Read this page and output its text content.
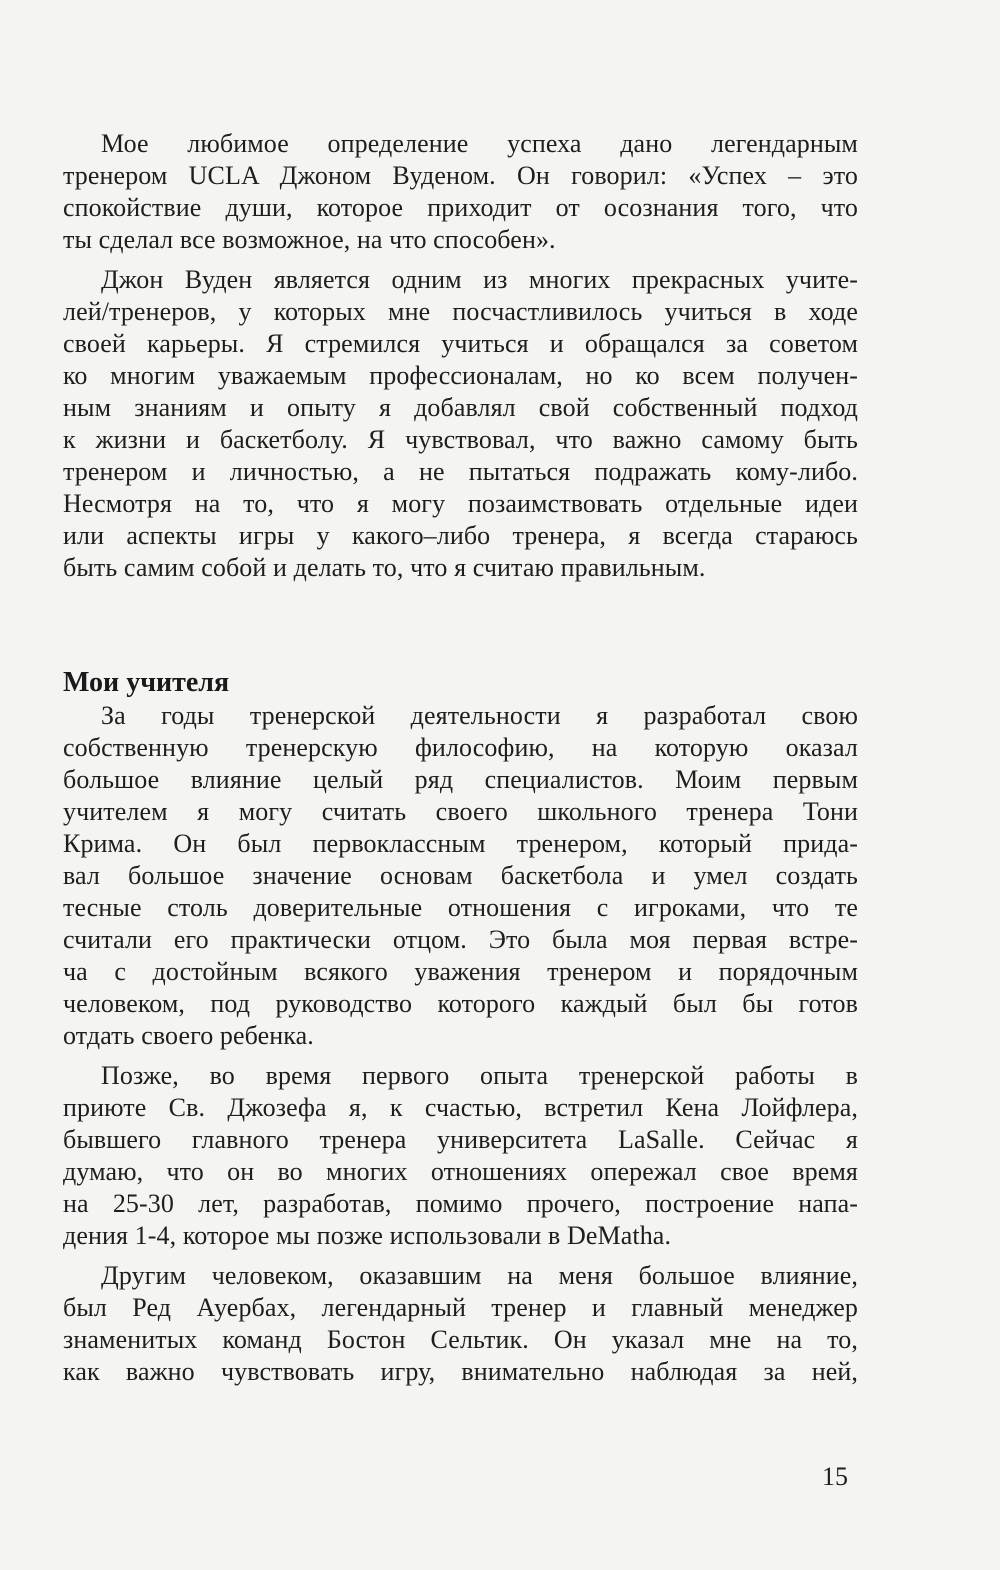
Мое любимое определение успеха дано легендарным
тренером UCLA Джоном Вуденом. Он говорил: «Успех – это
спокойствие души, которое приходит от осознания того, что
ты сделал все возможное, на что способен».
Джон Вуден является одним из многих прекрасных учите-
лей/тренеров, у которых мне посчастливилось учиться в ходе
своей карьеры. Я стремился учиться и обращался за советом
ко многим уважаемым профессионалам, но ко всем получен-
ным знаниям и опыту я добавлял свой собственный подход
к жизни и баскетболу. Я чувствовал, что важно самому быть
тренером и личностью, а не пытаться подражать кому-либо.
Несмотря на то, что я могу позаимствовать отдельные идеи
или аспекты игры у какого–либо тренера, я всегда стараюсь
быть самим собой и делать то, что я считаю правильным.
Мои учителя
За годы тренерской деятельности я разработал свою
собственную тренерскую философию, на которую оказал
большое влияние целый ряд специалистов. Моим первым
учителем я могу считать своего школьного тренера Тони
Крима. Он был первоклассным тренером, который прида-
вал большое значение основам баскетбола и умел создать
тесные столь доверительные отношения с игроками, что те
считали его практически отцом. Это была моя первая встре-
ча с достойным всякого уважения тренером и порядочным
человеком, под руководство которого каждый был бы готов
отдать своего ребенка.
Позже, во время первого опыта тренерской работы в
приюте Св. Джозефа я, к счастью, встретил Кена Лойфлера,
бывшего главного тренера университета LaSalle. Сейчас я
думаю, что он во многих отношениях опережал свое время
на 25-30 лет, разработав, помимо прочего, построение напа-
дения 1-4, которое мы позже использовали в DeMatha.
Другим человеком, оказавшим на меня большое влияние,
был Ред Ауербах, легендарный тренер и главный менеджер
знаменитых команд Бостон Сельтик. Он указал мне на то,
как важно чувствовать игру, внимательно наблюдая за ней,
15
